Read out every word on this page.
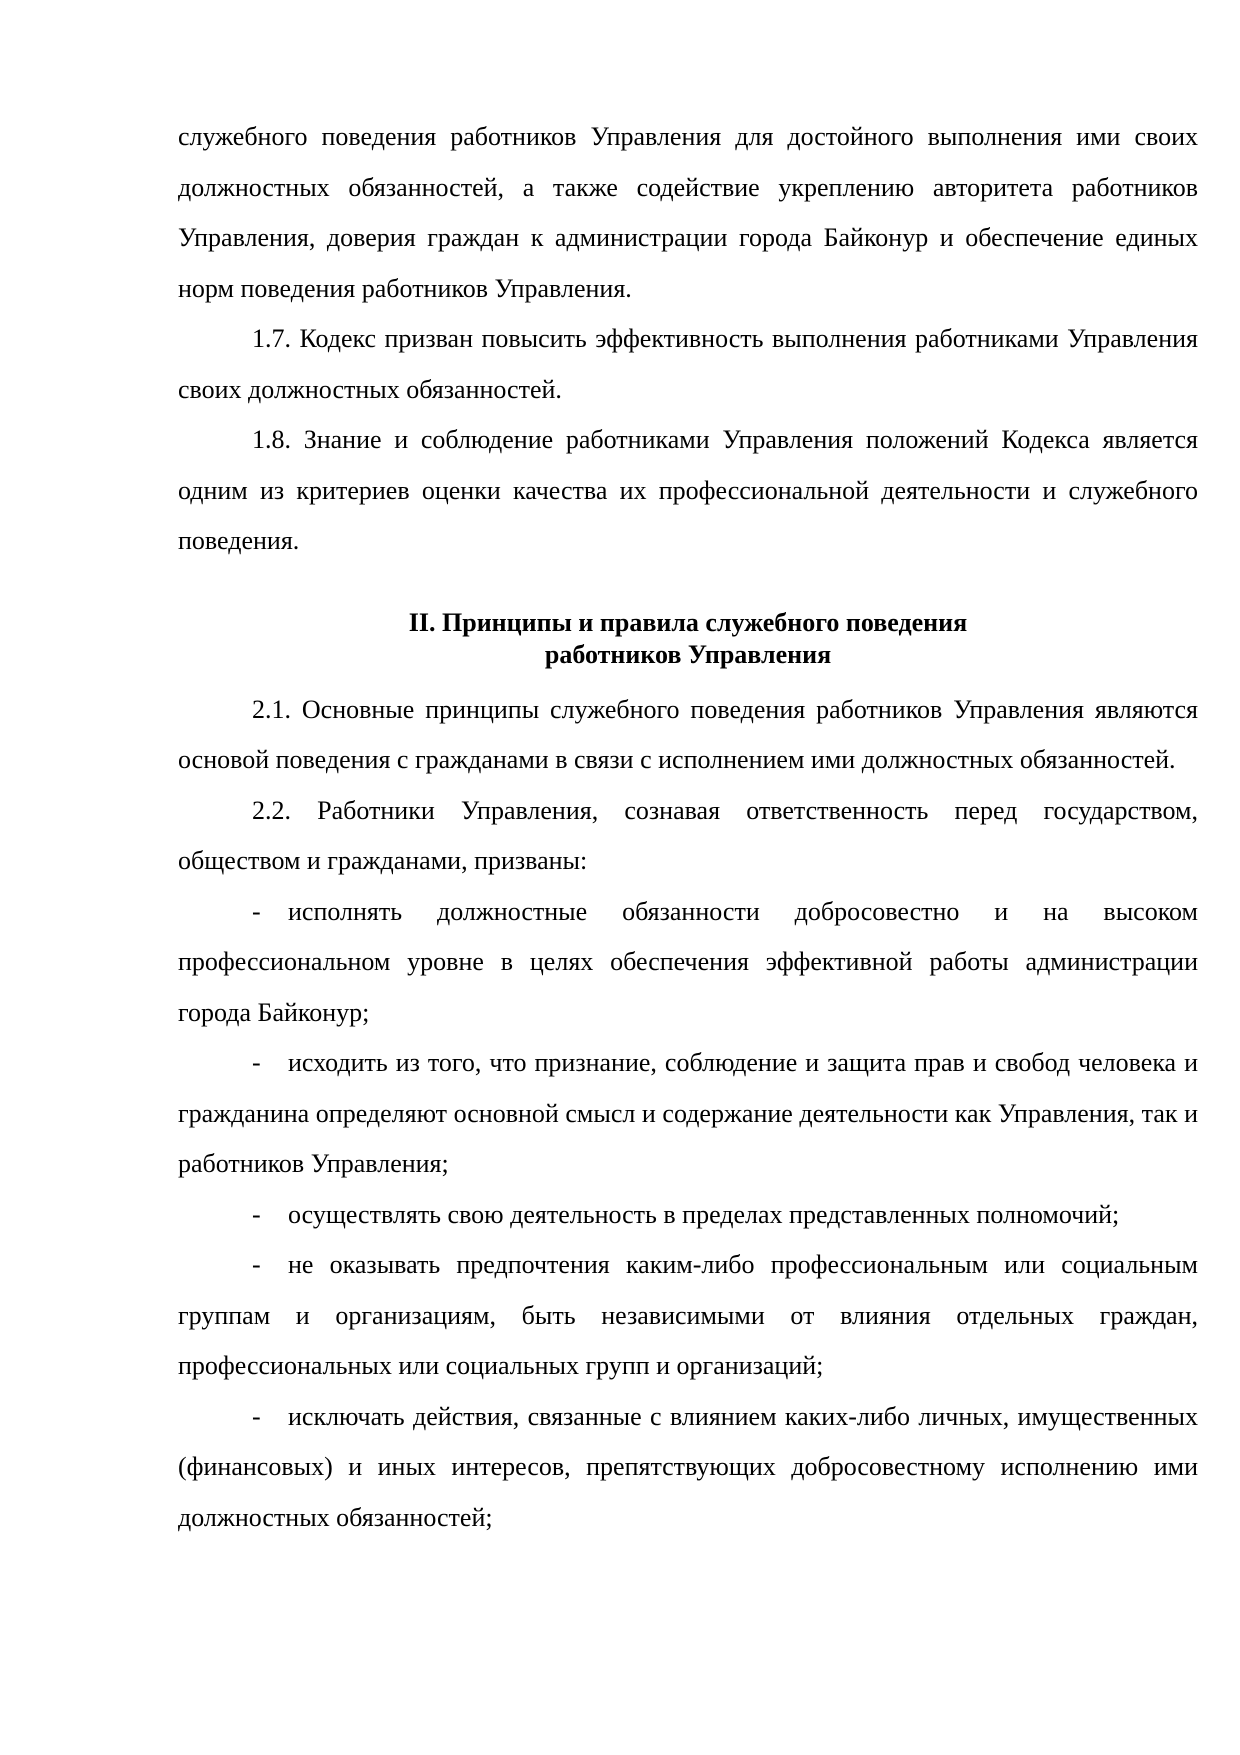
служебного поведения работников Управления для достойного выполнения ими своих должностных обязанностей, а также содействие укреплению авторитета работников Управления, доверия граждан к администрации города Байконур и обеспечение единых норм поведения работников Управления.

1.7. Кодекс призван повысить эффективность выполнения работниками Управления своих должностных обязанностей.

1.8. Знание и соблюдение работниками Управления положений Кодекса является одним из критериев оценки качества их профессиональной деятельности и служебного поведения.

II. Принципы и правила служебного поведения
работников Управления

2.1. Основные принципы служебного поведения работников Управления являются основой поведения с гражданами в связи с исполнением ими должностных обязанностей.

2.2. Работники Управления, сознавая ответственность перед государством, обществом и гражданами, призваны:

- исполнять должностные обязанности добросовестно и на высоком профессиональном уровне в целях обеспечения эффективной работы администрации города Байконур;

- исходить из того, что признание, соблюдение и защита прав и свобод человека и гражданина определяют основной смысл и содержание деятельности как Управления, так и работников Управления;

- осуществлять свою деятельность в пределах представленных полномочий;

- не оказывать предпочтения каким-либо профессиональным или социальным группам и организациям, быть независимыми от влияния отдельных граждан, профессиональных или социальных групп и организаций;

- исключать действия, связанные с влиянием каких-либо личных, имущественных (финансовых) и иных интересов, препятствующих добросовестному исполнению ими должностных обязанностей;
